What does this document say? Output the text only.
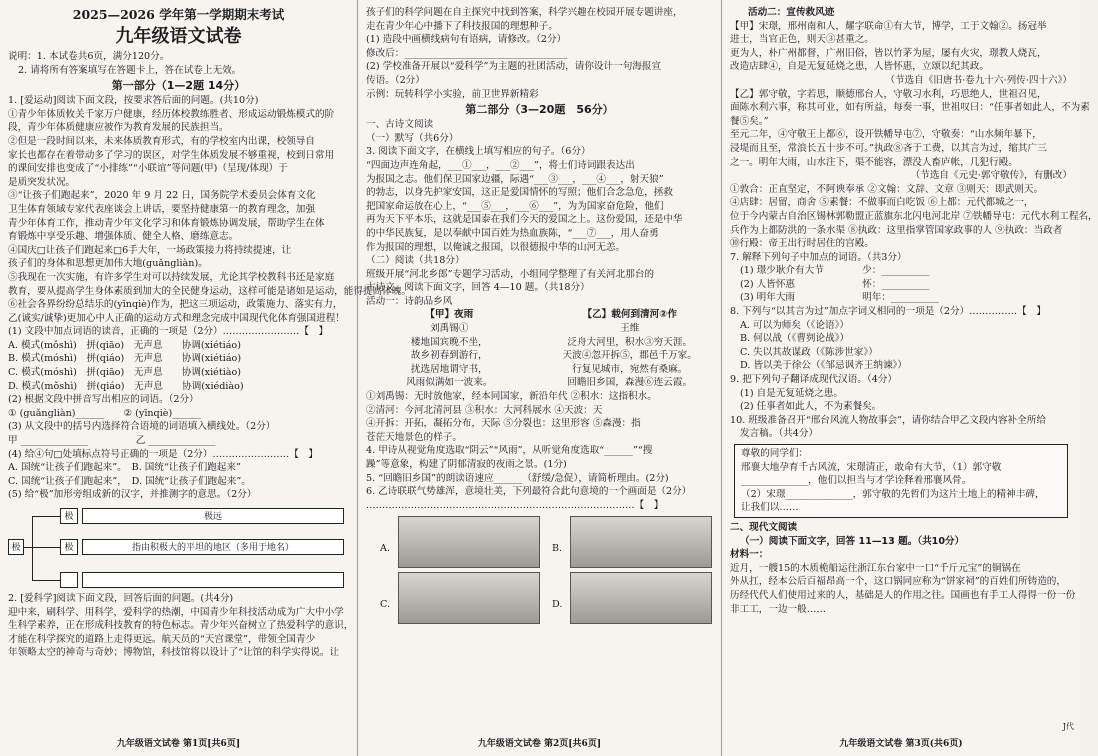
2025—2026 学年第一学期期末考试
九年级语文试卷

说明：1. 本试卷共6页，满分120分。

2. 请将所有答案填写在答题卡上，答在试卷上无效。

第一部分（1—2题 14分）

1. [爱运动]阅读下面文段，按要求答后面的问题。(共10分)

①青少年体质攸关千家万户健康，经历体校教练胜者、形成运动锻炼模式的阶

段，青少年体质健康应被作为教育发展的民族担当。

②但是一段时间以来，未来体质教育形式，有的学校室内出课，校领导自

家长也都存在着带动多了学习的误区，对学生体质发展不够重视，校到日常用

的课间安排也变成了“小排练”“小联谊”等问题(甲)（呈现/体现）于

是质突发状况。

③“让孩子们跑起来”，2020 年 9 月 22 日，国务院学术委员会体育文化

卫生体育领域专家代表座谈会上讲话，要坚持健康第一的教育理念，加强

青少年体育工作，推动青少年文化学习和体育锻炼协调发展，帮助学生在体

育锻炼中享受乐趣、增强体质、健全人格、磨练意志。

④国庆□让孩子们跑起来□6手大年，一场政策接力将持续提速，让

孩子们的身体和思想更加伟大地(guǎngliàn)。

⑤我现在一次实施，有许多学生对可以持续发展，尤论其学校教科书还是家庭

教育，要从提高学生身体素质到加大的全民健身运动，这样可能是诸如是运动，能得提高体魄。

⑥社会各界纷纷总结乐的(yīnqiè)作为，把这三项运动，政策施力、落实有力，

乙(诚实/诚挚)更加心中人正确的运动方式和理念完成中国现代化体育强国进程！

(1) 文段中加点词语的读音，正确的一项是（2分）……………………【　】

A. 模式(mǒshì)　拼(qiāo)　无声息　　协调(xiétiáo)

B. 模式(móshì)　拼(qiáo)　无声息　　协调(xiétiáo)

C. 模式(móshì)　拼(qiāo)　无声息　　协调(xiétiào)

D. 模式(mǒshì)　拼(qiáo)　无声息　　协调(xiédiào)

(2) 根据文段中拼音写出相应的词语。（2分）

① (guǎngliàn)______　　② (yīnqiè)______

(3) 从文段中的括号内选择符合语境的词语填入横线处。（2分）

甲 ______________　　　　　乙 ______________

(4) 给④句□处填标点符号正确的一项是（2分）……………………【　】

A. 国统“让孩子们跑起来”。　B. 国统“让孩子们跑起来”

C. 国统“让孩子们跑起来”，　D. 国统“让孩子们跑起来”。

(5) 给“极”加形旁组成新的汉字，并推测字的意思。（2分）

极
极	极远
极	指由积极大的平坦的地区（多用于地名）

2. [爱科学]阅读下面文段，回答后面的问题。(共4分)

迎中来，刷科学、用科学，爱科学的热潮，中国青少年科技活动成为广大中小学

生科学素养，正在形成科技教育的特色标志。青少年兴奋树立了热爱科学的意识，

才能在科学探究的道路上走得更远。航天员的“天宫课堂”，带领全国青少

年领略太空的神奇与奇妙；博物馆，科技馆将以设计了“让馆的科学实得说。让

九年级语文试卷 第1页[共6页]

孩子们的科学问题在自主探究中找到答案，科学兴趣在校园开展专题讲座，

走在青少年心中播下了科技报国的理想种子。

(1) 造段中画横线病句有语病，请修改。（2分）

修改后：__________________________________

(2) 学校准备开展以“爱科学”为主题的社团活动，请你设计一句海报宣

传语。（2分）

示例：玩转科学小实验，前卫世界新精彩

第二部分（3—20题　56分）

一、古诗文阅读

（一）默写（共6分）

3. 阅读下面文字，在横线上填写相应的句子。（6分）

“四面边声连角起，___①___，___②___”，将士们诗词跟表达出

为报国之志。他们保卫国家边疆，际遇“___③___，___④___，射天狼”

的勃志，以身先护家安国，这正是爱国情怀的写照；他们合念急危，拯救

把国家命运放在心上，“___⑤___，___⑥___”，为为国家奋危险，他们

再为天下平本乐，这就是国泰在我们今天的爱国之上。这份爱国，还是中华

的中华民族复，是以奉献中国百姓为热血族陈，“___⑦___，用人奋勇

作为报国的理想，以俺诚之报国，以很德报中华的山河无恙。

（二）阅读（共18分）

班级开展“河北乡郎”专题学习活动，小组同学整理了有关河北那台的

古诗文。阅读下面文字，回答 4—10 题。（共18分）

活动一：诗韵品乡风

【甲】夜雨

刘禹锡①

楼地国宾晚不坐，

故乡初春到游行，

扰选居地谓守书，

风雨似满如一波来。

【乙】载何到清河②作

王维

泛舟大河里，积水③穷天涯。

天波④忽开拆⑤，郡邑千万家。

行复见城市，宛然有桑麻。

回瞻旧乡国，森漫⑥连云霞。

①刘禹锡：无时放他家，经本同国家，新沿年代 ②积水：这指积水。

②清河：今河北清河县 ③积水：大河科展水 ④天波：天

④开拆：开拓，凝拓分布，天际 ⑤分裂也：这里形容 ⑤森漫：指

苍茫天地景色的样子。

4. 甲诗从视觉角度选取“阴云”“风雨”，从听觉角度选取“______”“搜

躁”等意象，构建了阴郁清寂的夜雨之景。(1分)

5. “回瞻旧乡国”的朗读语速应______（舒缓/急促），请简析理由。(2分)

6. 乙诗联联气势雄浑，意境壮美，下列最符合此句意境的一个画面是（2分）

…………………………………………………………………………【　】

A.	B.
C.	D.
九年级语文试卷 第2页[共6页]

活动二：宣传救风迹

【甲】宋璟，邢州南和人，耀字联命①有大节，博学，工于文翰②。扬冠举

进士，当官正色，则天③甚重之。

更为人，朴广州都督，广州旧俗，皆以竹茅为屋，屡有火灾，璟教人烧瓦，

改造店肆④，自是无复延烧之患，人皆怀惠，立颂以纪其政。

（节选自《旧唐书·卷九十六·列传·四十六》）

【乙】郭守敬，字若思，顺德邢台人，守敬习水利，巧思绝人，世祖召见，

面陈水利六事，称其可业，如有所益，每奏一事，世祖叹曰：“任事者如此人，不为素

餐⑤矣。”

至元二年，④守敬王上都⑥，设开铁幡导屯⑦，守敬奏：“山水频年暴下，

浸堤而且至，常浪长五十步不可。”执政⑧吝于工费，以其言为过，缩其广三

之一。明年大雨，山水注下，渠不能容，漂没人畜庐帐，几犯行殿。

（节选自《元史·郭守敬传》，有删改）

①敦合：正直坚定，不阿谀奉承 ②文翰：文辞、文章 ③则天：即武则天。

④店肆：居留，商舍 ⑤素餐：不做事而白吃饭 ⑥上都：元代都城之一，

位于今内蒙古自治区锡林郭勒盟正蓝旗东北闪电河北岸 ⑦铁幡导屯：元代水利工程名，

兵作为上都防洪的一条水渠 ⑧执政：这里指掌管国家政事的人 ⑨执政：当政者

⑩行殿：帝王出行时居住的宫殿。

7. 解释下列句子中加点的词语。（共3分）

(1) 璟少耿介有大节　　　　少：__________

(2) 人皆怀惠　　　　　　　怀：__________

(3) 明年大雨　　　　　　　明年：__________

8. 下列与“以其言为过”加点字词义相同的一项是（2分）……………【　】

A. 可以为师矣（《论语》）

B. 何以战（《曹刿论战》）

C. 失以其故谋政（《陈涉世家》）

D. 皆以美于徐公（《邹忌讽齐王纳谏》）

9. 把下列句子翻译成现代汉语。（4分）

(1) 自是无复延烧之患。

(2) 任事者如此人，不为素餐矣。

10. 班级准备召开“邢台风流人物故事会”，请你结合甲乙文段内容补全所给

发言稿。（共4分）

尊敬的同学们：

邢襄大地孕育千古风流，宋璟清正，敢命有大节，（1）郭守敬

______________，他们以担当与才学诠释着邢襄风骨。

（2）宋璟______________，郭守敬的先哲们为这片土地上的精神丰碑，

让我们以……

二、现代文阅读

（一）阅读下面文字，回答 11—13 题。（共10分）

材料一：

近月，一艘15的木质桅船运往浙江东台家中一口“千斤元宝”的铜锅在

外从扛，经本公后百福昂高一个，这口锅同应称为“饼家祠”的百姓们所铸造的，

历经代代人们使用过来的人，基础是人的作用之往。国画也有手工人得得一份一份

非工工，一边一般……

J代
九年级语文试卷 第3页(共6页)
